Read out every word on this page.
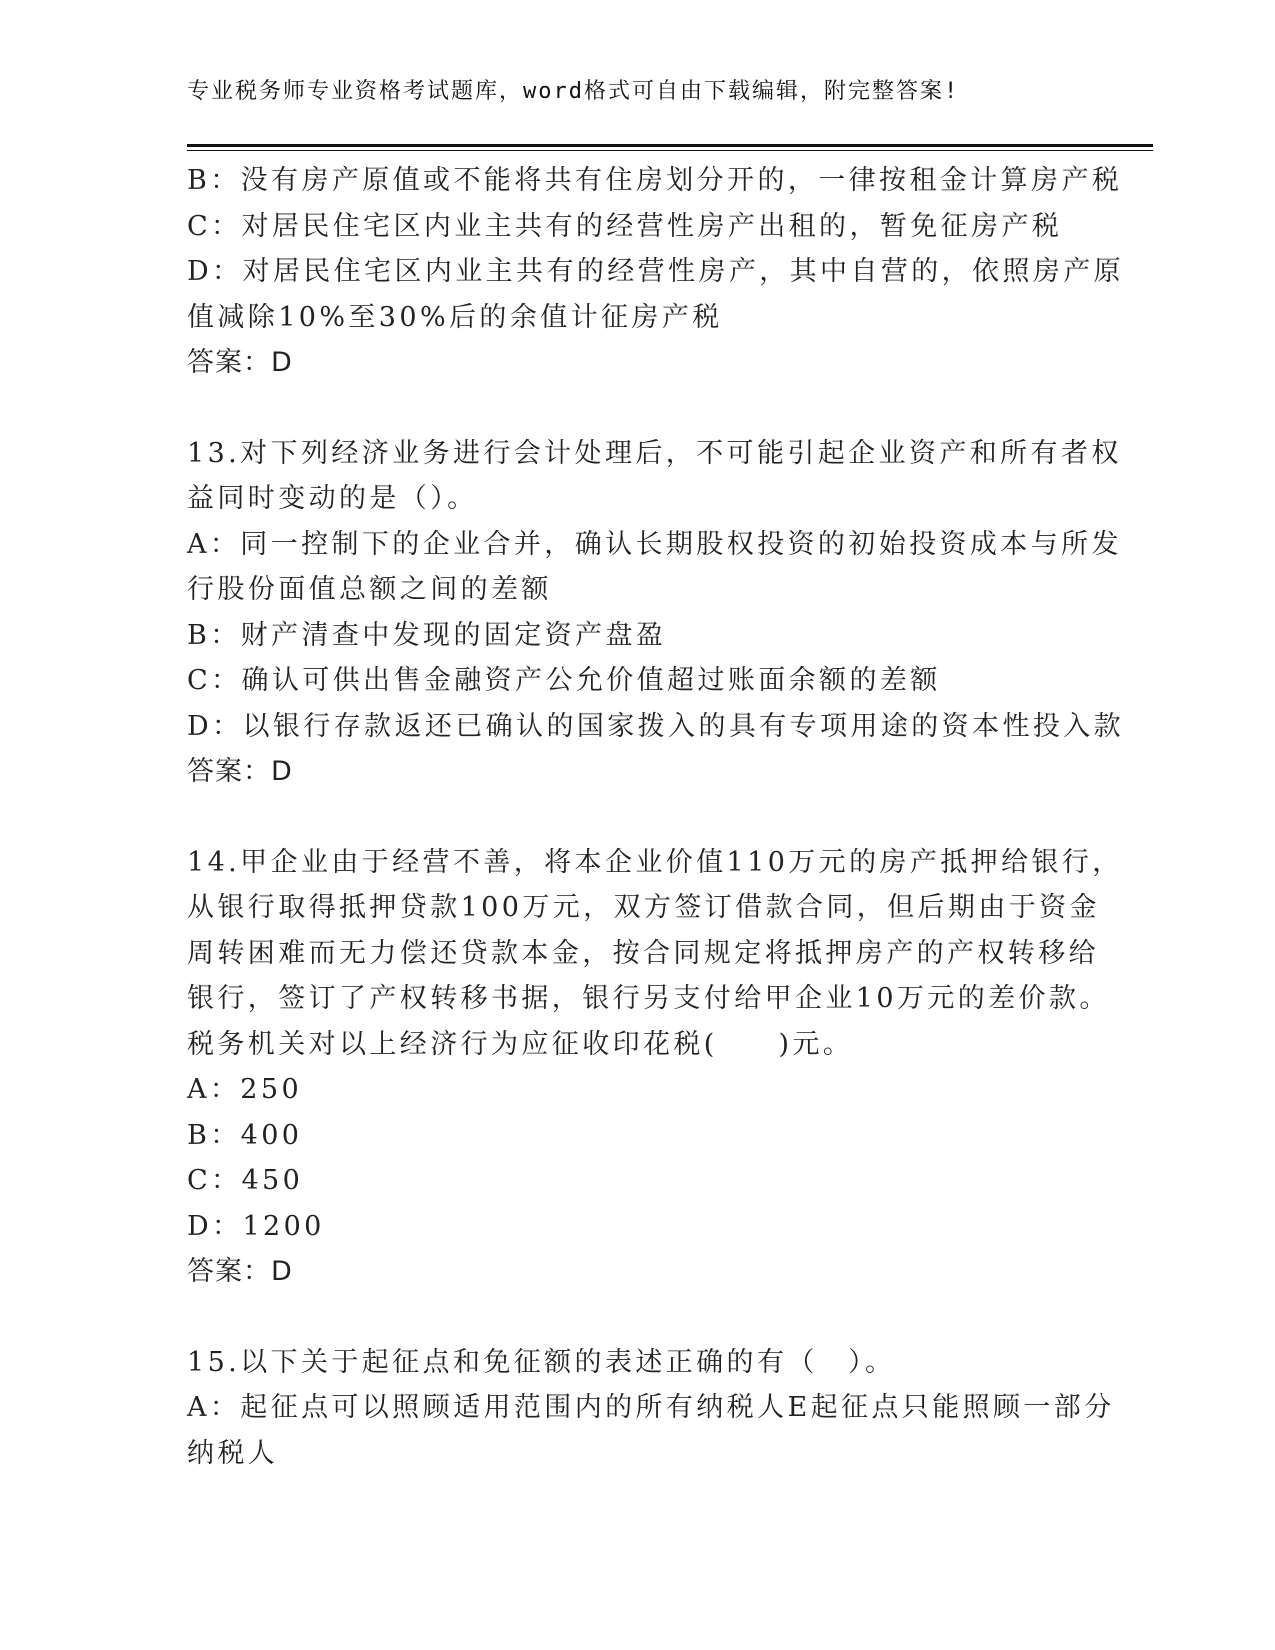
专业税务师专业资格考试题库，word格式可自由下载编辑，附完整答案!
B：没有房产原值或不能将共有住房划分开的，一律按租金计算房产税
C：对居民住宅区内业主共有的经营性房产出租的，暂免征房产税
D：对居民住宅区内业主共有的经营性房产，其中自营的，依照房产原
值减除10%至30%后的余值计征房产税
答案：D
13.对下列经济业务进行会计处理后，不可能引起企业资产和所有者权
益同时变动的是（）。
A：同一控制下的企业合并，确认长期股权投资的初始投资成本与所发
行股份面值总额之间的差额
B：财产清查中发现的固定资产盘盈
C：确认可供出售金融资产公允价值超过账面余额的差额
D：以银行存款返还已确认的国家拨入的具有专项用途的资本性投入款
答案：D
14.甲企业由于经营不善，将本企业价值110万元的房产抵押给银行，
从银行取得抵押贷款100万元，双方签订借款合同，但后期由于资金
周转困难而无力偿还贷款本金，按合同规定将抵押房产的产权转移给
银行，签订了产权转移书据，银行另支付给甲企业10万元的差价款。
税务机关对以上经济行为应征收印花税(　　)元。
A：250
B：400
C：450
D：1200
答案：D
15.以下关于起征点和免征额的表述正确的有（　）。
A：起征点可以照顾适用范围内的所有纳税人E起征点只能照顾一部分
纳税人
